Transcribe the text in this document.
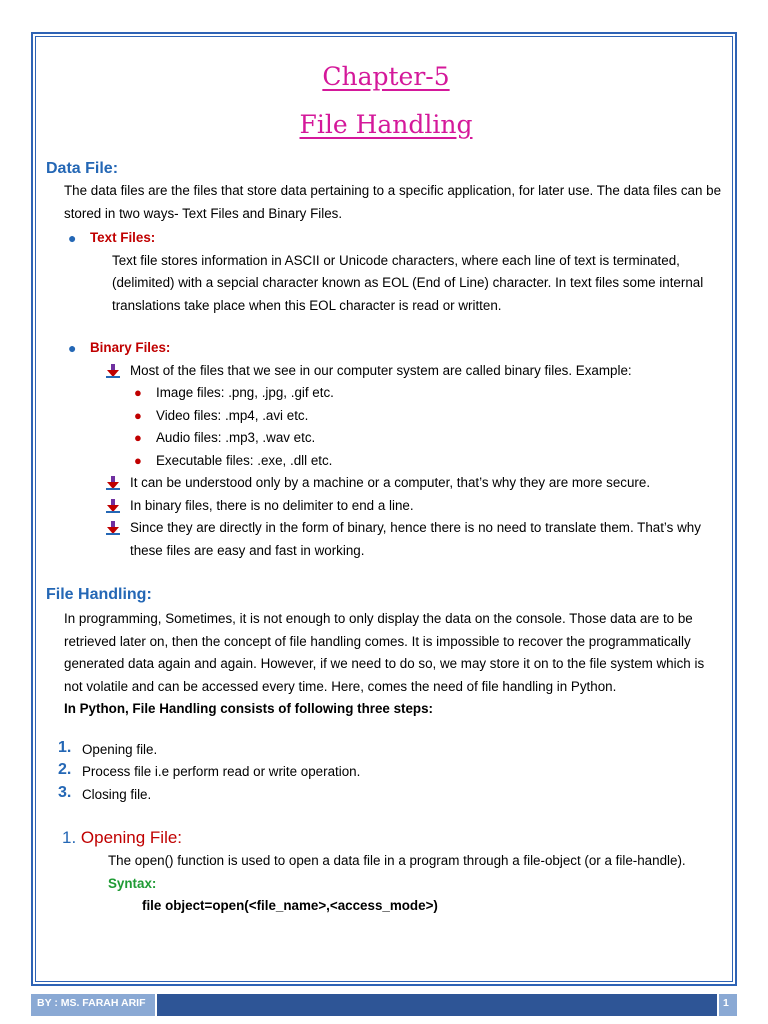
Chapter-5
File Handling
Data File:
The data files are the files that store data pertaining to a specific application, for later use. The data files can be stored in two ways- Text Files and Binary Files.
● Text Files:
Text file stores information in ASCII or Unicode characters, where each line of text is terminated, (delimited) with a sepcial character known as EOL (End of Line) character. In text files some internal translations take place when this EOL character is read or written.
● Binary Files:
Most of the files that we see in our computer system are called binary files. Example:
● Image files: .png, .jpg, .gif etc.
● Video files: .mp4, .avi etc.
● Audio files: .mp3, .wav etc.
● Executable files: .exe, .dll etc.
It can be understood only by a machine or a computer, that’s why they are more secure.
In binary files, there is no delimiter to end a line.
Since they are directly in the form of binary, hence there is no need to translate them. That’s why these files are easy and fast in working.
File Handling:
In programming, Sometimes, it is not enough to only display the data on the console. Those data are to be retrieved later on, then the concept of file handling comes. It is impossible to recover the programmatically generated data again and again. However, if we need to do so, we may store it on to the file system which is not volatile and can be accessed every time. Here, comes the need of file handling in Python.
In Python, File Handling consists of following three steps:
1. Opening file.
2. Process file i.e perform read or write operation.
3. Closing file.
1. Opening File:
The open() function is used to open a data file in a program through a file-object (or a file-handle).
Syntax:
file object=open(<file_name>,<access_mode>)
BY : MS. FARAH ARIF	1
